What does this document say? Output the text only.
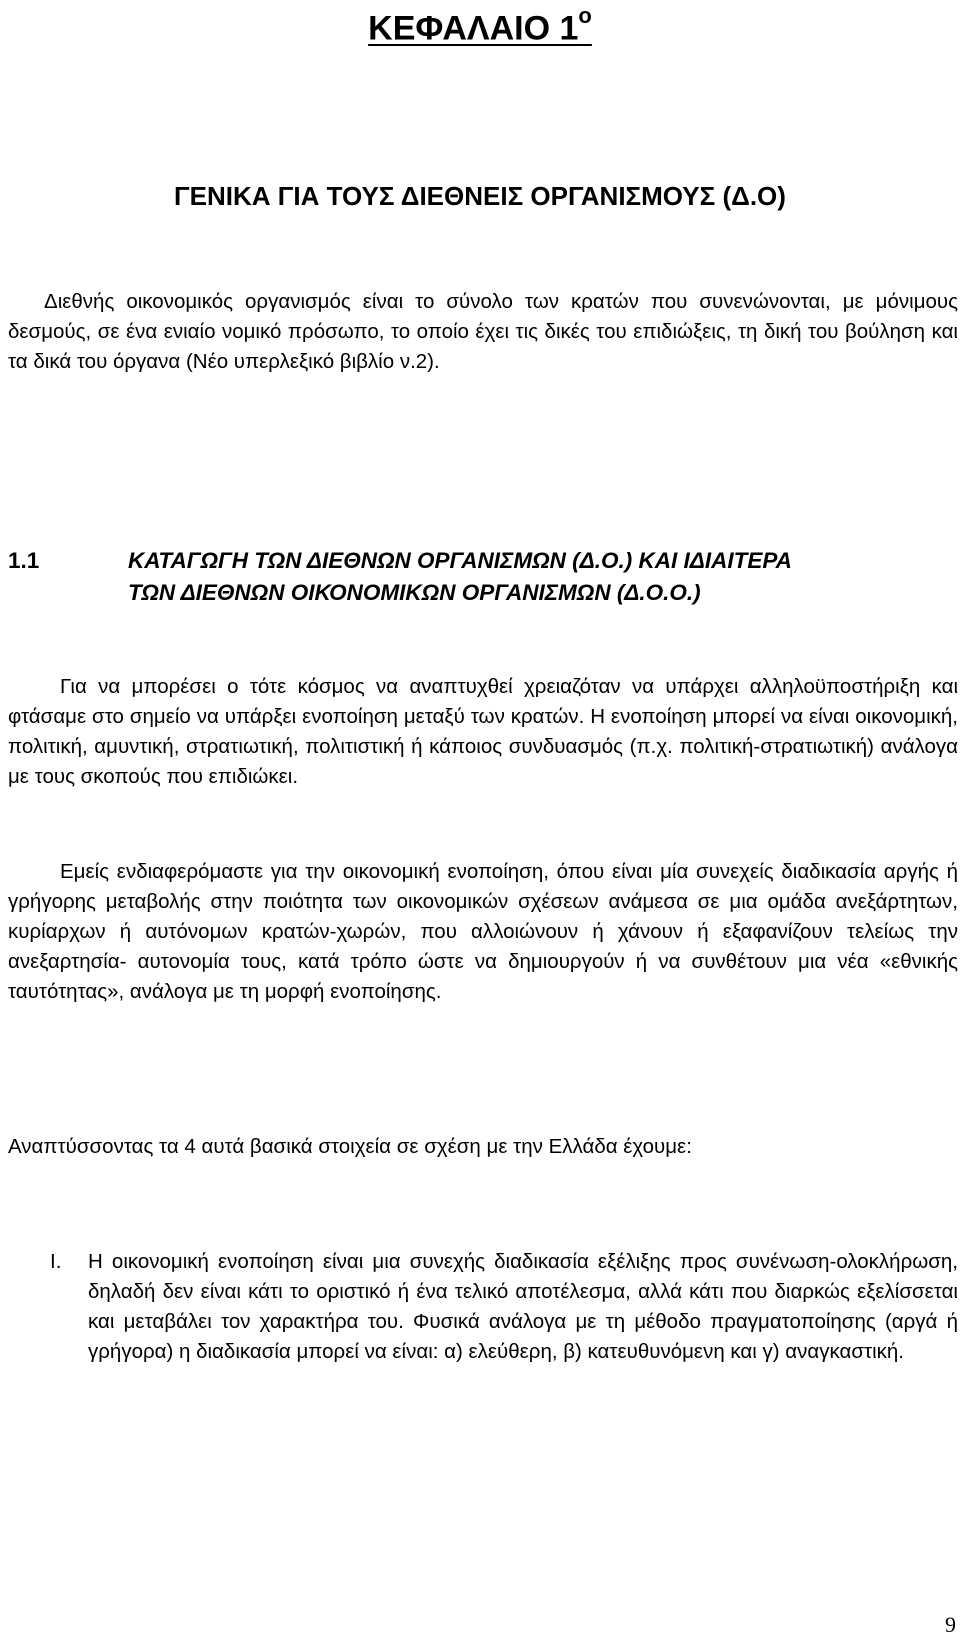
ΚΕΦΑΛΑΙΟ $1^o$
ΓΕΝΙΚΑ ΓΙΑ ΤΟΥΣ ΔΙΕΘΝΕΙΣ ΟΡΓΑΝΙΣΜΟΥΣ (Δ.Ο)
Διεθνής οικονομικός οργανισμός είναι το σύνολο των κρατών που συνενώνονται, με μόνιμους δεσμούς, σε ένα ενιαίο νομικό πρόσωπο, το οποίο έχει τις δικές του επιδιώξεις, τη δική του βούληση και τα δικά του όργανα (Νέο υπερλεξικό βιβλίο ν.2).
1.1	ΚΑΤΑΓΩΓΗ ΤΩΝ ΔΙΕΘΝΩΝ ΟΡΓΑΝΙΣΜΩΝ (Δ.Ο.) ΚΑΙ ΙΔΙΑΙΤΕΡΑ
ΤΩΝ ΔΙΕΘΝΩΝ ΟΙΚΟΝΟΜΙΚΩΝ ΟΡΓΑΝΙΣΜΩΝ (Δ.Ο.Ο.)
Για να μπορέσει ο τότε κόσμος να αναπτυχθεί χρειαζόταν να υπάρχει αλληλοϋποστήριξη και φτάσαμε στο σημείο να υπάρξει ενοποίηση μεταξύ των κρατών. Η ενοποίηση μπορεί να είναι οικονομική, πολιτική, αμυντική, στρατιωτική, πολιτιστική ή κάποιος συνδυασμός (π.χ. πολιτική-στρατιωτική) ανάλογα με τους σκοπούς που επιδιώκει.
Εμείς ενδιαφερόμαστε για την οικονομική ενοποίηση, όπου είναι μία συνεχείς διαδικασία αργής ή γρήγορης μεταβολής στην ποιότητα των οικονομικών σχέσεων ανάμεσα σε μια ομάδα ανεξάρτητων, κυρίαρχων ή αυτόνομων κρατών-χωρών, που αλλοιώνουν ή χάνουν ή εξαφανίζουν τελείως την ανεξαρτησία- αυτονομία τους, κατά τρόπο ώστε να δημιουργούν ή να συνθέτουν μια νέα «εθνικής ταυτότητας», ανάλογα με τη μορφή ενοποίησης.
Αναπτύσσοντας τα 4 αυτά βασικά στοιχεία σε σχέση με την Ελλάδα έχουμε:
I.	Η οικονομική ενοποίηση είναι μια συνεχής διαδικασία εξέλιξης προς συνένωση-ολοκλήρωση, δηλαδή δεν είναι κάτι το οριστικό ή ένα τελικό αποτέλεσμα, αλλά κάτι που διαρκώς εξελίσσεται και μεταβάλει τον χαρακτήρα του. Φυσικά ανάλογα με τη μέθοδο πραγματοποίησης (αργά ή γρήγορα) η διαδικασία μπορεί να είναι: α) ελεύθερη, β) κατευθυνόμενη και γ) αναγκαστική.
9
